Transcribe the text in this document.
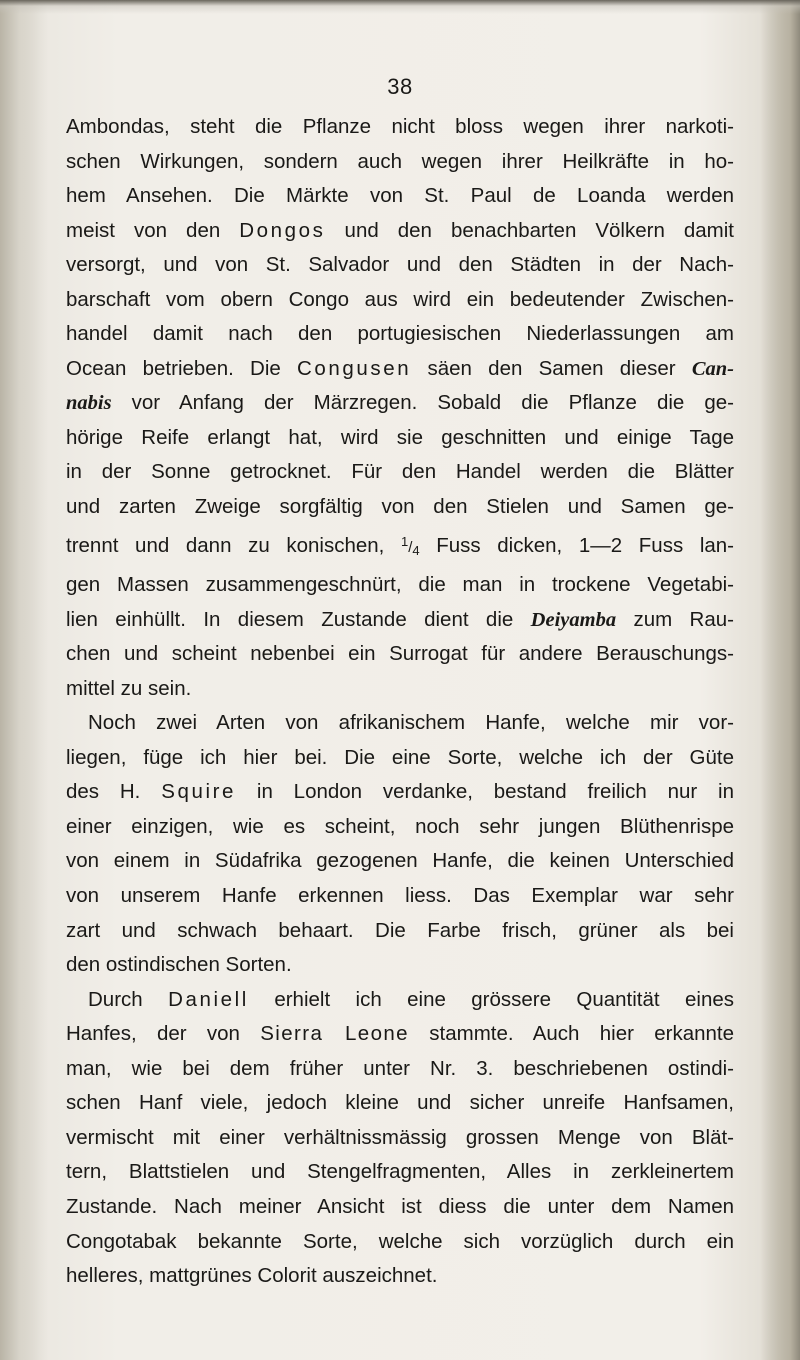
38
Ambondas, steht die Pflanze nicht bloss wegen ihrer narkoti-
schen Wirkungen, sondern auch wegen ihrer Heilkräfte in ho-
hem Ansehen. Die Märkte von St. Paul de Loanda werden
meist von den Dongos und den benachbarten Völkern damit
versorgt, und von St. Salvador und den Städten in der Nach-
barschaft vom obern Congo aus wird ein bedeutender Zwischen-
handel damit nach den portugiesischen Niederlassungen am
Ocean betrieben. Die Congusen säen den Samen dieser Can-
nabis vor Anfang der Märzregen. Sobald die Pflanze die ge-
hörige Reife erlangt hat, wird sie geschnitten und einige Tage
in der Sonne getrocknet. Für den Handel werden die Blätter
und zarten Zweige sorgfältig von den Stielen und Samen ge-
trennt und dann zu konischen, $^1/_4$ Fuss dicken, 1—2 Fuss lan-
gen Massen zusammengeschnürt, die man in trockene Vegetabi-
lien einhüllt. In diesem Zustande dient die Deiyamba zum Rau-
chen und scheint nebenbei ein Surrogat für andere Berauschungs-
mittel zu sein.
Noch zwei Arten von afrikanischem Hanfe, welche mir vor-
liegen, füge ich hier bei. Die eine Sorte, welche ich der Güte
des H. Squire in London verdanke, bestand freilich nur in
einer einzigen, wie es scheint, noch sehr jungen Blüthenrispe
von einem in Südafrika gezogenen Hanfe, die keinen Unterschied
von unserem Hanfe erkennen liess. Das Exemplar war sehr
zart und schwach behaart. Die Farbe frisch, grüner als bei
den ostindischen Sorten.
Durch Daniell erhielt ich eine grössere Quantität eines
Hanfes, der von Sierra Leone stammte. Auch hier erkannte
man, wie bei dem früher unter Nr. 3. beschriebenen ostindi-
schen Hanf viele, jedoch kleine und sicher unreife Hanfsamen,
vermischt mit einer verhältnissmässig grossen Menge von Blät-
tern, Blattstielen und Stengelfragmenten, Alles in zerkleinertem
Zustande. Nach meiner Ansicht ist diess die unter dem Namen
Congotabak bekannte Sorte, welche sich vorzüglich durch ein
helleres, mattgrünes Colorit auszeichnet.
